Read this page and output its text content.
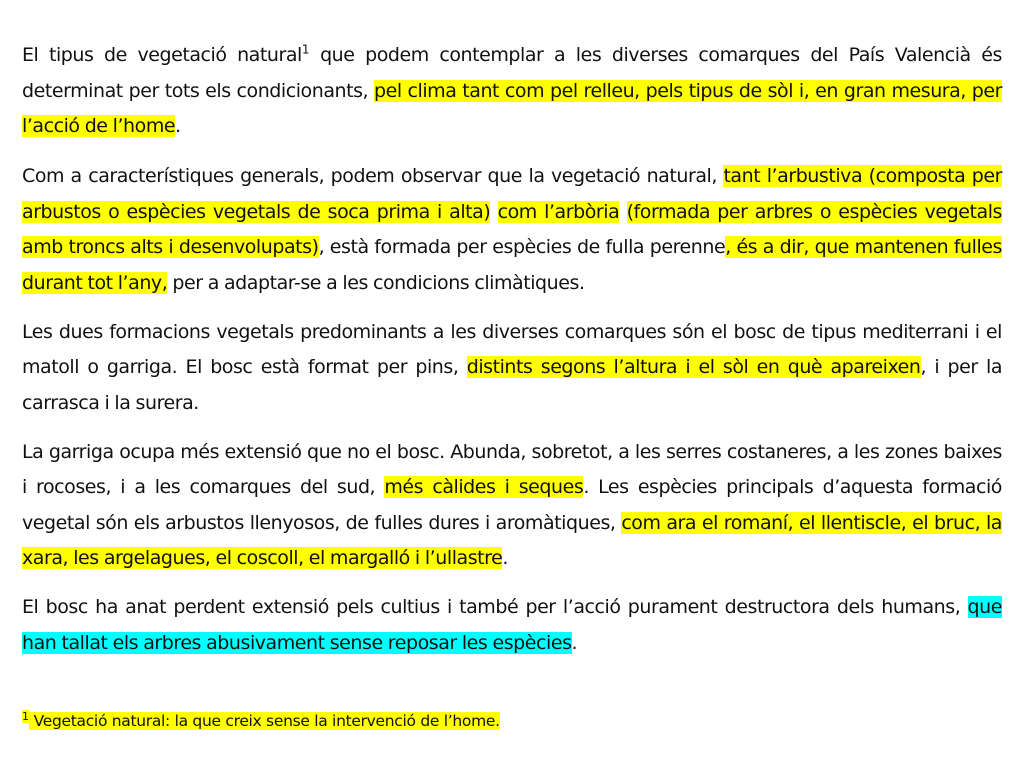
El tipus de vegetació natural$^1$ que podem contemplar a les diverses comarques del País Valencià és determinat per tots els condicionants, pel clima tant com pel relleu, pels tipus de sòl i, en gran mesura, per l’acció de l’home.

Com a característiques generals, podem observar que la vegetació natural, tant l’arbustiva (composta per arbustos o espècies vegetals de soca prima i alta) com l’arbòria (formada per arbres o espècies vegetals amb troncs alts i desenvolupats), està formada per espècies de fulla perenne, és a dir, que mantenen fulles durant tot l’any, per a adaptar-se a les condicions climàtiques.

Les dues formacions vegetals predominants a les diverses comarques són el bosc de tipus mediterrani i el matoll o garriga. El bosc està format per pins, distints segons l’altura i el sòl en què apareixen, i per la carrasca i la surera.

La garriga ocupa més extensió que no el bosc. Abunda, sobretot, a les serres costaneres, a les zones baixes i rocoses, i a les comarques del sud, més càlides i seques. Les espècies principals d’aquesta formació vegetal són els arbustos llenyosos, de fulles dures i aromàtiques, com ara el romaní, el llentiscle, el bruc, la xara, les argelagues, el coscoll, el margalló i l’ullastre.

El bosc ha anat perdent extensió pels cultius i també per l’acció purament destructora dels humans, que han tallat els arbres abusivament sense reposar les espècies.

$^1$ Vegetació natural: la que creix sense la intervenció de l’home.
